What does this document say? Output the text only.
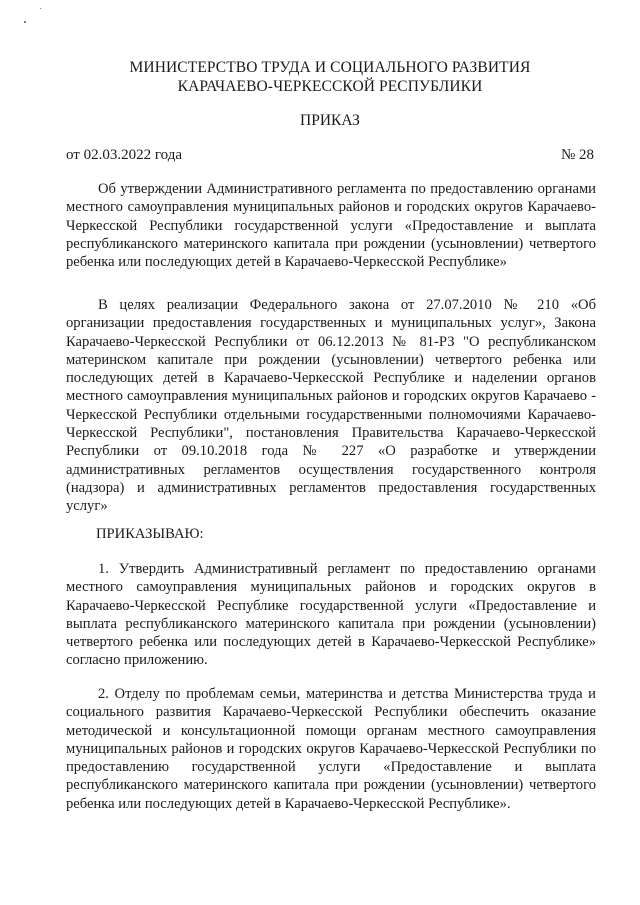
МИНИСТЕРСТВО ТРУДА И СОЦИАЛЬНОГО РАЗВИТИЯ
КАРАЧАЕВО-ЧЕРКЕССКОЙ РЕСПУБЛИКИ
ПРИКАЗ
от 02.03.2022 года	№ 28
Об утверждении Административного регламента по предоставлению органами местного самоуправления муниципальных районов и городских округов Карачаево-Черкесской Республики государственной услуги «Предоставление и выплата республиканского материнского капитала при рождении (усыновлении) четвертого ребенка или последующих детей в Карачаево-Черкесской Республике»
В целях реализации Федерального закона от 27.07.2010 № 210 «Об организации предоставления государственных и муниципальных услуг», Закона Карачаево-Черкесской Республики от 06.12.2013 № 81-РЗ "О республиканском материнском капитале при рождении (усыновлении) четвертого ребенка или последующих детей в Карачаево-Черкесской Республике и наделении органов местного самоуправления муниципальных районов и городских округов Карачаево - Черкесской Республики отдельными государственными полномочиями Карачаево-Черкесской Республики", постановления Правительства Карачаево-Черкесской Республики от 09.10.2018 года № 227 «О разработке и утверждении административных регламентов осуществления государственного контроля (надзора) и административных регламентов предоставления государственных услуг»
ПРИКАЗЫВАЮ:
1. Утвердить Административный регламент по предоставлению органами местного самоуправления муниципальных районов и городских округов в Карачаево-Черкесской Республике государственной услуги «Предоставление и выплата республиканского материнского капитала при рождении (усыновлении) четвертого ребенка или последующих детей в Карачаево-Черкесской Республике» согласно приложению.
2. Отделу по проблемам семьи, материнства и детства Министерства труда и социального развития Карачаево-Черкесской Республики обеспечить оказание методической и консультационной помощи органам местного самоуправления муниципальных районов и городских округов Карачаево-Черкесской Республики по предоставлению государственной услуги «Предоставление и выплата республиканского материнского капитала при рождении (усыновлении) четвертого ребенка или последующих детей в Карачаево-Черкесской Республике».
